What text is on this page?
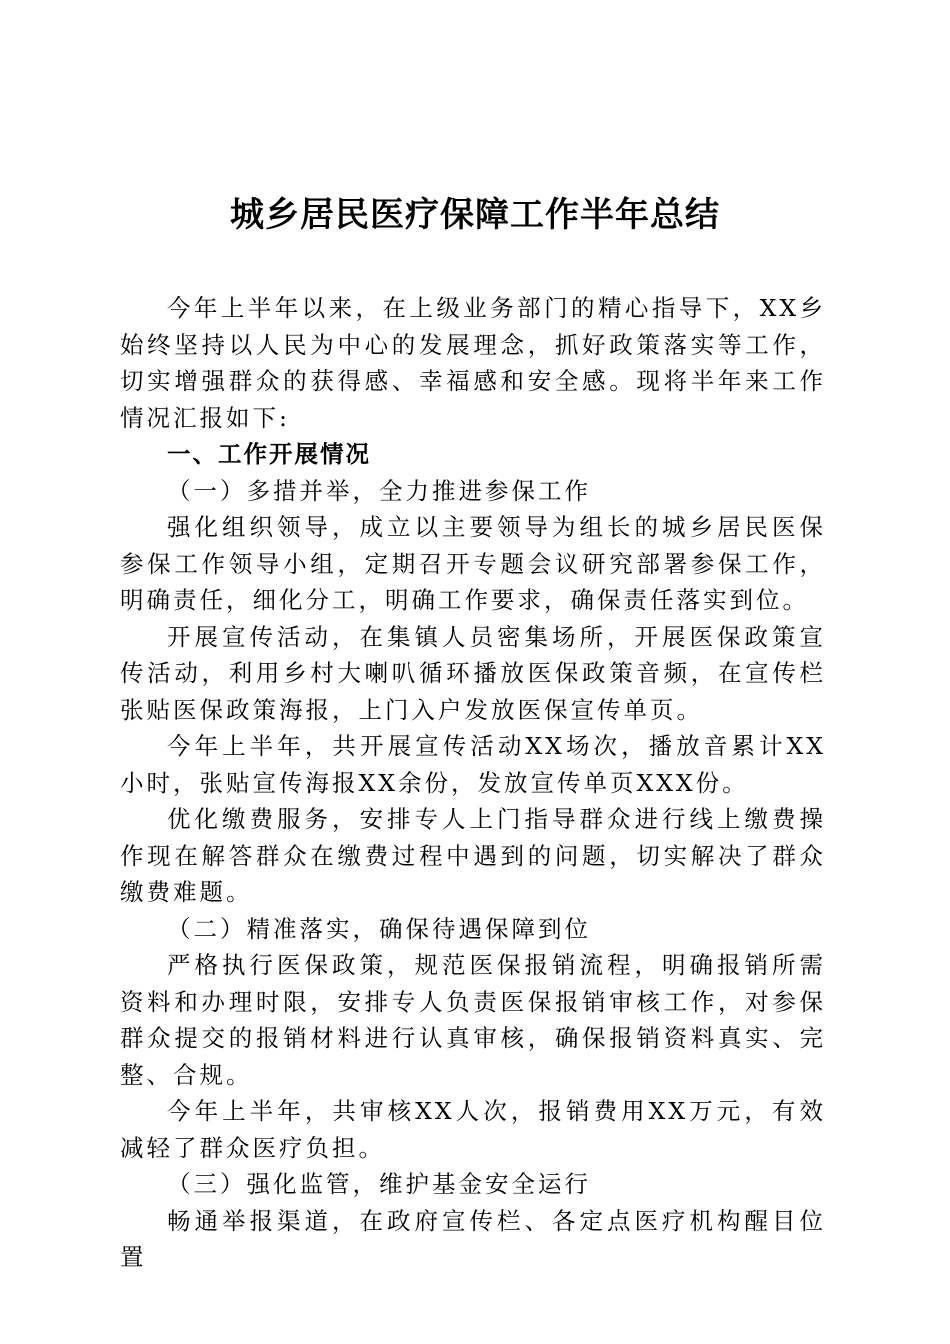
城乡居民医疗保障工作半年总结

今年上半年以来，在上级业务部门的精心指导下，XX乡始终坚持以人民为中心的发展理念，抓好政策落实等工作，切实增强群众的获得感、幸福感和安全感。现将半年来工作情况汇报如下:

一、工作开展情况
（一）多措并举，全力推进参保工作

强化组织领导，成立以主要领导为组长的城乡居民医保参保工作领导小组，定期召开专题会议研究部署参保工作，明确责任，细化分工，明确工作要求，确保责任落实到位。

开展宣传活动，在集镇人员密集场所，开展医保政策宣传活动，利用乡村大喇叭循环播放医保政策音频，在宣传栏张贴医保政策海报，上门入户发放医保宣传单页。

今年上半年，共开展宣传活动XX场次，播放音累计XX小时，张贴宣传海报XX余份，发放宣传单页XXX份。

优化缴费服务，安排专人上门指导群众进行线上缴费操作现在解答群众在缴费过程中遇到的问题，切实解决了群众缴费难题。

（二）精准落实，确保待遇保障到位

严格执行医保政策，规范医保报销流程，明确报销所需资料和办理时限，安排专人负责医保报销审核工作，对参保群众提交的报销材料进行认真审核，确保报销资料真实、完整、合规。

今年上半年，共审核XX人次，报销费用XX万元，有效减轻了群众医疗负担。

（三）强化监管，维护基金安全运行

畅通举报渠道，在政府宣传栏、各定点医疗机构醒目位置
